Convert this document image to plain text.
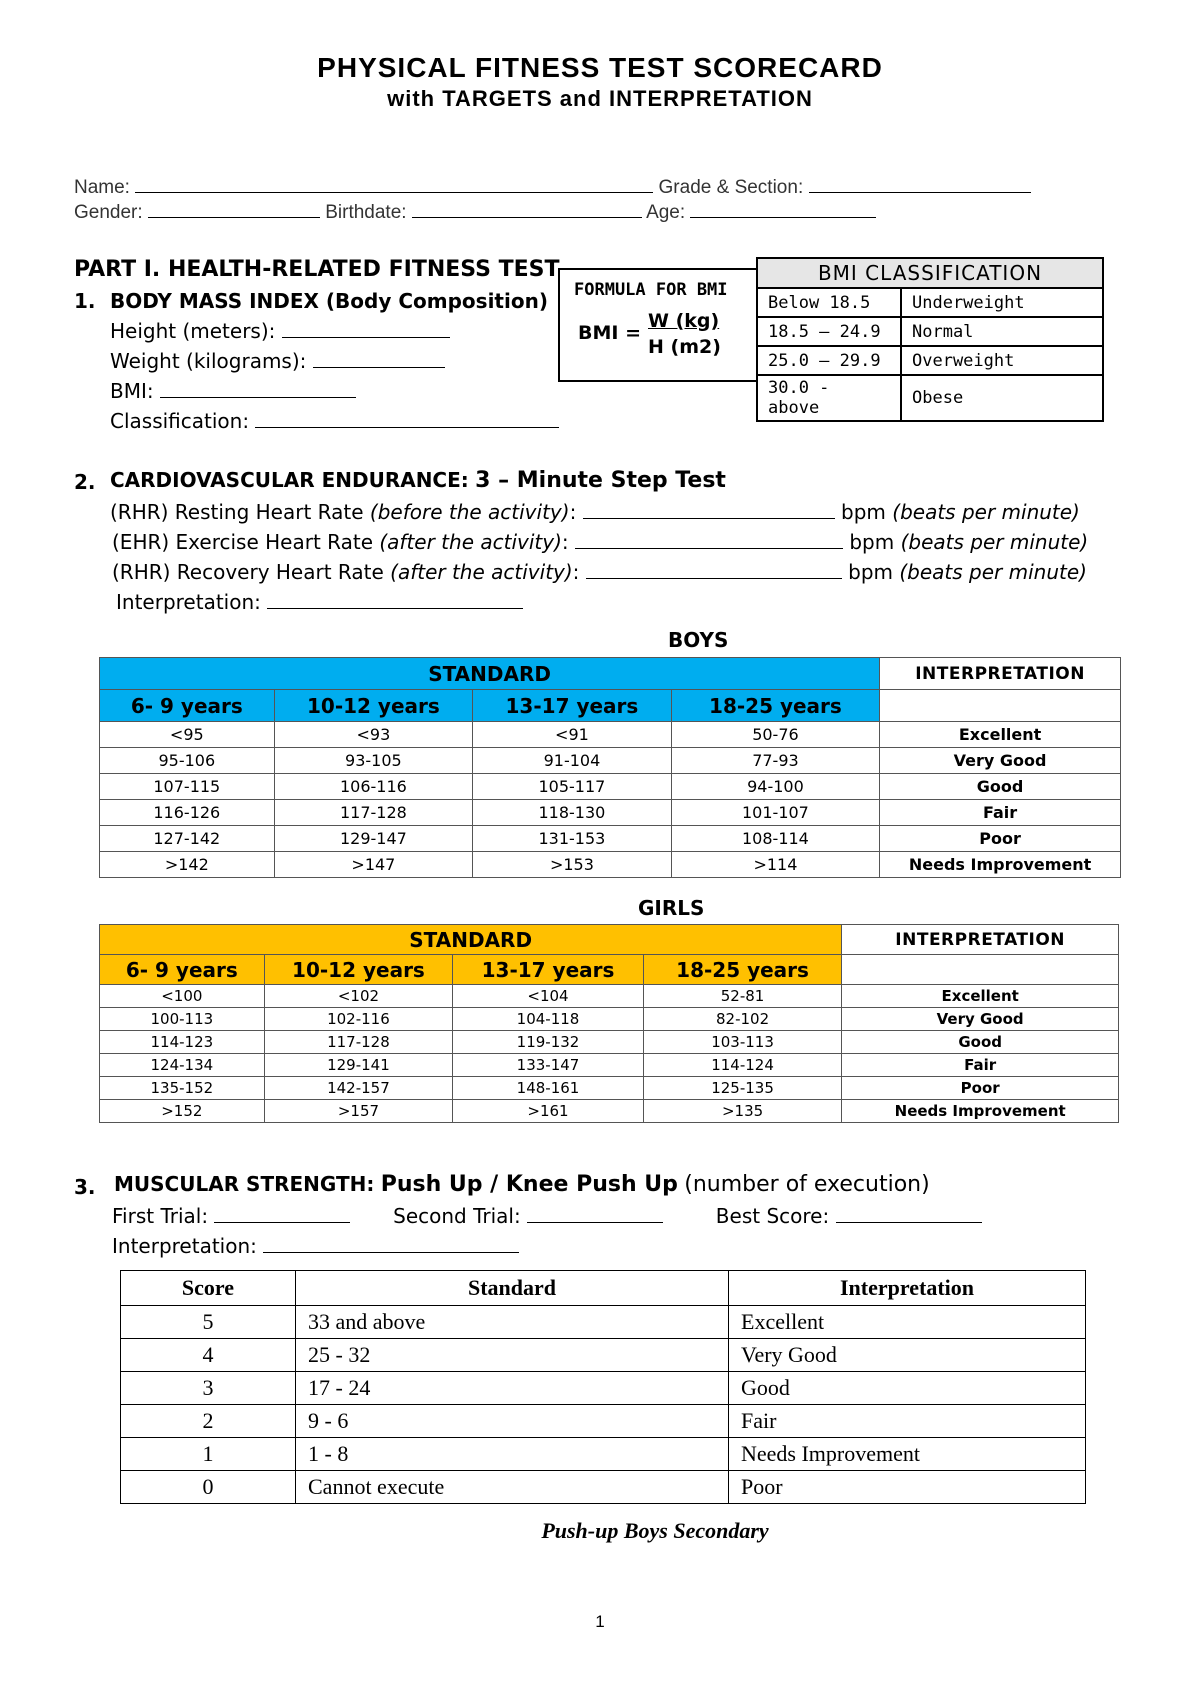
PHYSICAL FITNESS TEST SCORECARD
with TARGETS and INTERPRETATION
Name:	Grade & Section:
Gender:	Birthdate:	Age:
PART I. HEALTH-RELATED FITNESS TEST
1. BODY MASS INDEX (Body Composition)
Height (meters):
Weight (kilograms):
BMI:
Classification:
FORMULA FOR BMI
BMI =
W (kg)
H (m2)
BMI CLASSIFICATION	
Below 18.5	Underweight
18.5 – 24.9	Normal
25.0 – 29.9	Overweight
30.0 - above	Obese
2. CARDIOVASCULAR ENDURANCE: 3 – Minute Step Test
(RHR) Resting Heart Rate (before the activity):	bpm (beats per minute)
(EHR) Exercise Heart Rate (after the activity):	bpm (beats per minute)
(RHR) Recovery Heart Rate (after the activity):	bpm (beats per minute)
Interpretation:
BOYS
STANDARD				INTERPRETATION
6- 9 years	10-12 years	13-17 years	18-25 years	
<95	<93	<91	50-76	Excellent
95-106	93-105	91-104	77-93	Very Good
107-115	106-116	105-117	94-100	Good
116-126	117-128	118-130	101-107	Fair
127-142	129-147	131-153	108-114	Poor
>142	>147	>153	>114	Needs Improvement
GIRLS
STANDARD				INTERPRETATION
6- 9 years	10-12 years	13-17 years	18-25 years	
<100	<102	<104	52-81	Excellent
100-113	102-116	104-118	82-102	Very Good
114-123	117-128	119-132	103-113	Good
124-134	129-141	133-147	114-124	Fair
135-152	142-157	148-161	125-135	Poor
>152	>157	>161	>135	Needs Improvement
3. MUSCULAR STRENGTH: Push Up / Knee Push Up (number of execution)
First Trial:	Second Trial:	Best Score:
Interpretation:
Score	Standard	Interpretation
5	33 and above	Excellent
4	25 - 32	Very Good
3	17 - 24	Good
2	9 - 6	Fair
1	1 - 8	Needs Improvement
0	Cannot execute	Poor
Push-up Boys Secondary
1
